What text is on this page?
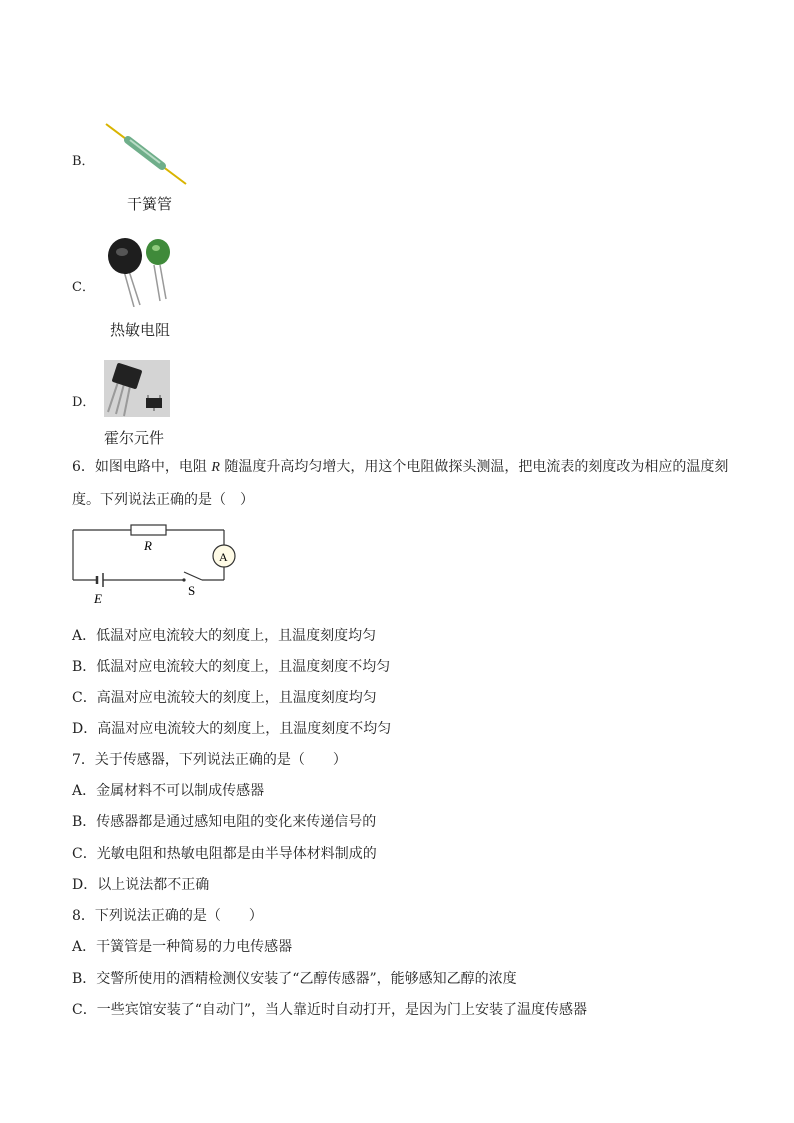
B．
干簧管
C．
热敏电阻
D．
霍尔元件
6．如图电路中，电阻 R 随温度升高均匀增大，用这个电阻做探头测温，把电流表的刻度改为相应的温度刻
度。下列说法正确的是（　）
R
A
S
E
A．低温对应电流较大的刻度上，且温度刻度均匀
B．低温对应电流较大的刻度上，且温度刻度不均匀
C．高温对应电流较大的刻度上，且温度刻度均匀
D．高温对应电流较大的刻度上，且温度刻度不均匀
7．关于传感器，下列说法正确的是（　　）
A．金属材料不可以制成传感器
B．传感器都是通过感知电阻的变化来传递信号的
C．光敏电阻和热敏电阻都是由半导体材料制成的
D．以上说法都不正确
8．下列说法正确的是（　　）
A．干簧管是一种简易的力电传感器
B．交警所使用的酒精检测仪安装了“乙醇传感器”，能够感知乙醇的浓度
C．一些宾馆安装了“自动门”，当人靠近时自动打开，是因为门上安装了温度传感器
